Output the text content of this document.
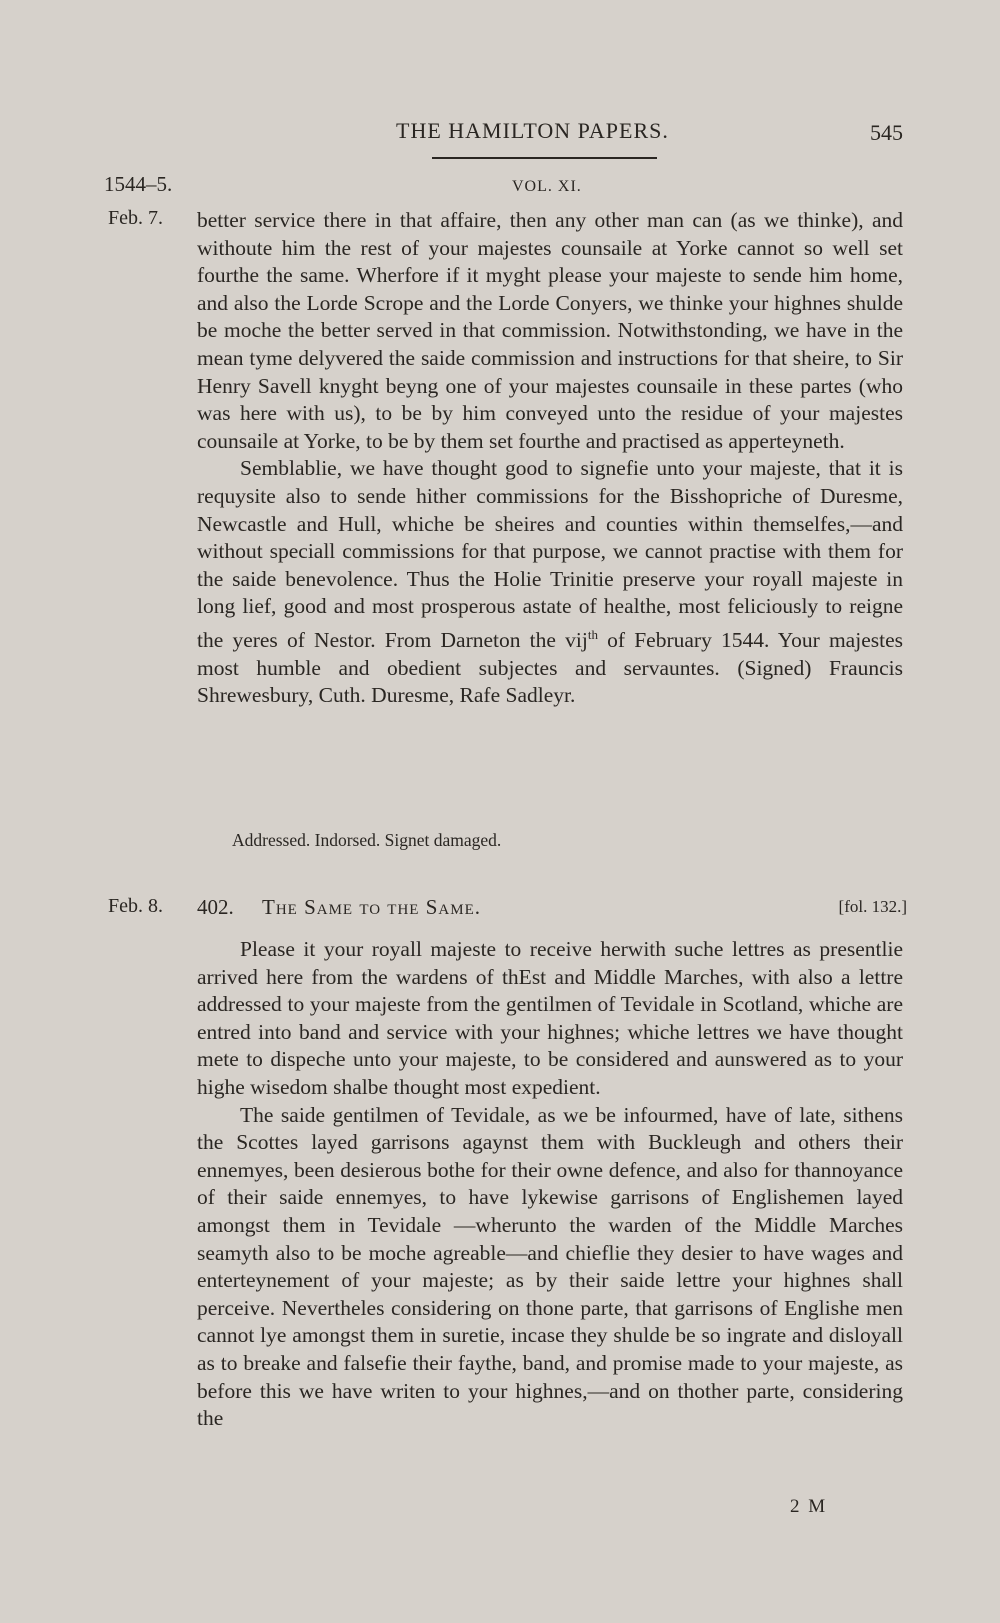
THE HAMILTON PAPERS.	545
1544–5.	VOL. XI.
Feb. 7. better service there in that affaire, then any other man can (as we thinke), and withoute him the rest of your majestes counsaile at Yorke cannot so well set fourthe the same. Wherfore if it myght please your majeste to sende him home, and also the Lorde Scrope and the Lorde Conyers, we thinke your highnes shulde be moche the better served in that commission. Notwithstonding, we have in the mean tyme delyvered the saide commission and instructions for that sheire, to Sir Henry Savell knyght beyng one of your majestes counsaile in these partes (who was here with us), to be by him conveyed unto the residue of your majestes counsaile at Yorke, to be by them set fourthe and practised as apperteyneth.

Semblablie, we have thought good to signefie unto your majeste, that it is requysite also to sende hither commissions for the Bisshopriche of Duresme, Newcastle and Hull, whiche be sheires and counties within themselfes,—and without speciall commissions for that purpose, we cannot practise with them for the saide benevolence. Thus the Holie Trinitie preserve your royall majeste in long lief, good and most prosperous astate of healthe, most feliciously to reigne the yeres of Nestor. From Darneton the vij$^{th}$ of February 1544. Your majestes most humble and obedient subjectes and servauntes. (Signed) Frauncis Shrewesbury, Cuth. Duresme, Rafe Sadleyr.

Addressed. Indorsed. Signet damaged.
Feb. 8. 402. The Same to the Same.	[fol. 132.]

Please it your royall majeste to receive herwith suche lettres as presentlie arrived here from the wardens of thEst and Middle Marches, with also a lettre addressed to your majeste from the gentilmen of Tevidale in Scotland, whiche are entred into band and service with your highnes; whiche lettres we have thought mete to dispeche unto your majeste, to be considered and aunswered as to your highe wisedom shalbe thought most expedient.

The saide gentilmen of Tevidale, as we be infourmed, have of late, sithens the Scottes layed garrisons agaynst them with Buckleugh and others their ennemyes, been desierous bothe for their owne defence, and also for thannoyance of their saide ennemyes, to have lykewise garrisons of Englishemen layed amongst them in Tevidale —wherunto the warden of the Middle Marches seamyth also to be moche agreable—and chieflie they desier to have wages and enterteynement of your majeste; as by their saide lettre your highnes shall perceive. Nevertheles considering on thone parte, that garrisons of Englishe men cannot lye amongst them in suretie, incase they shulde be so ingrate and disloyall as to breake and falsefie their faythe, band, and promise made to your majeste, as before this we have writen to your highnes,—and on thother parte, considering the

2 M
